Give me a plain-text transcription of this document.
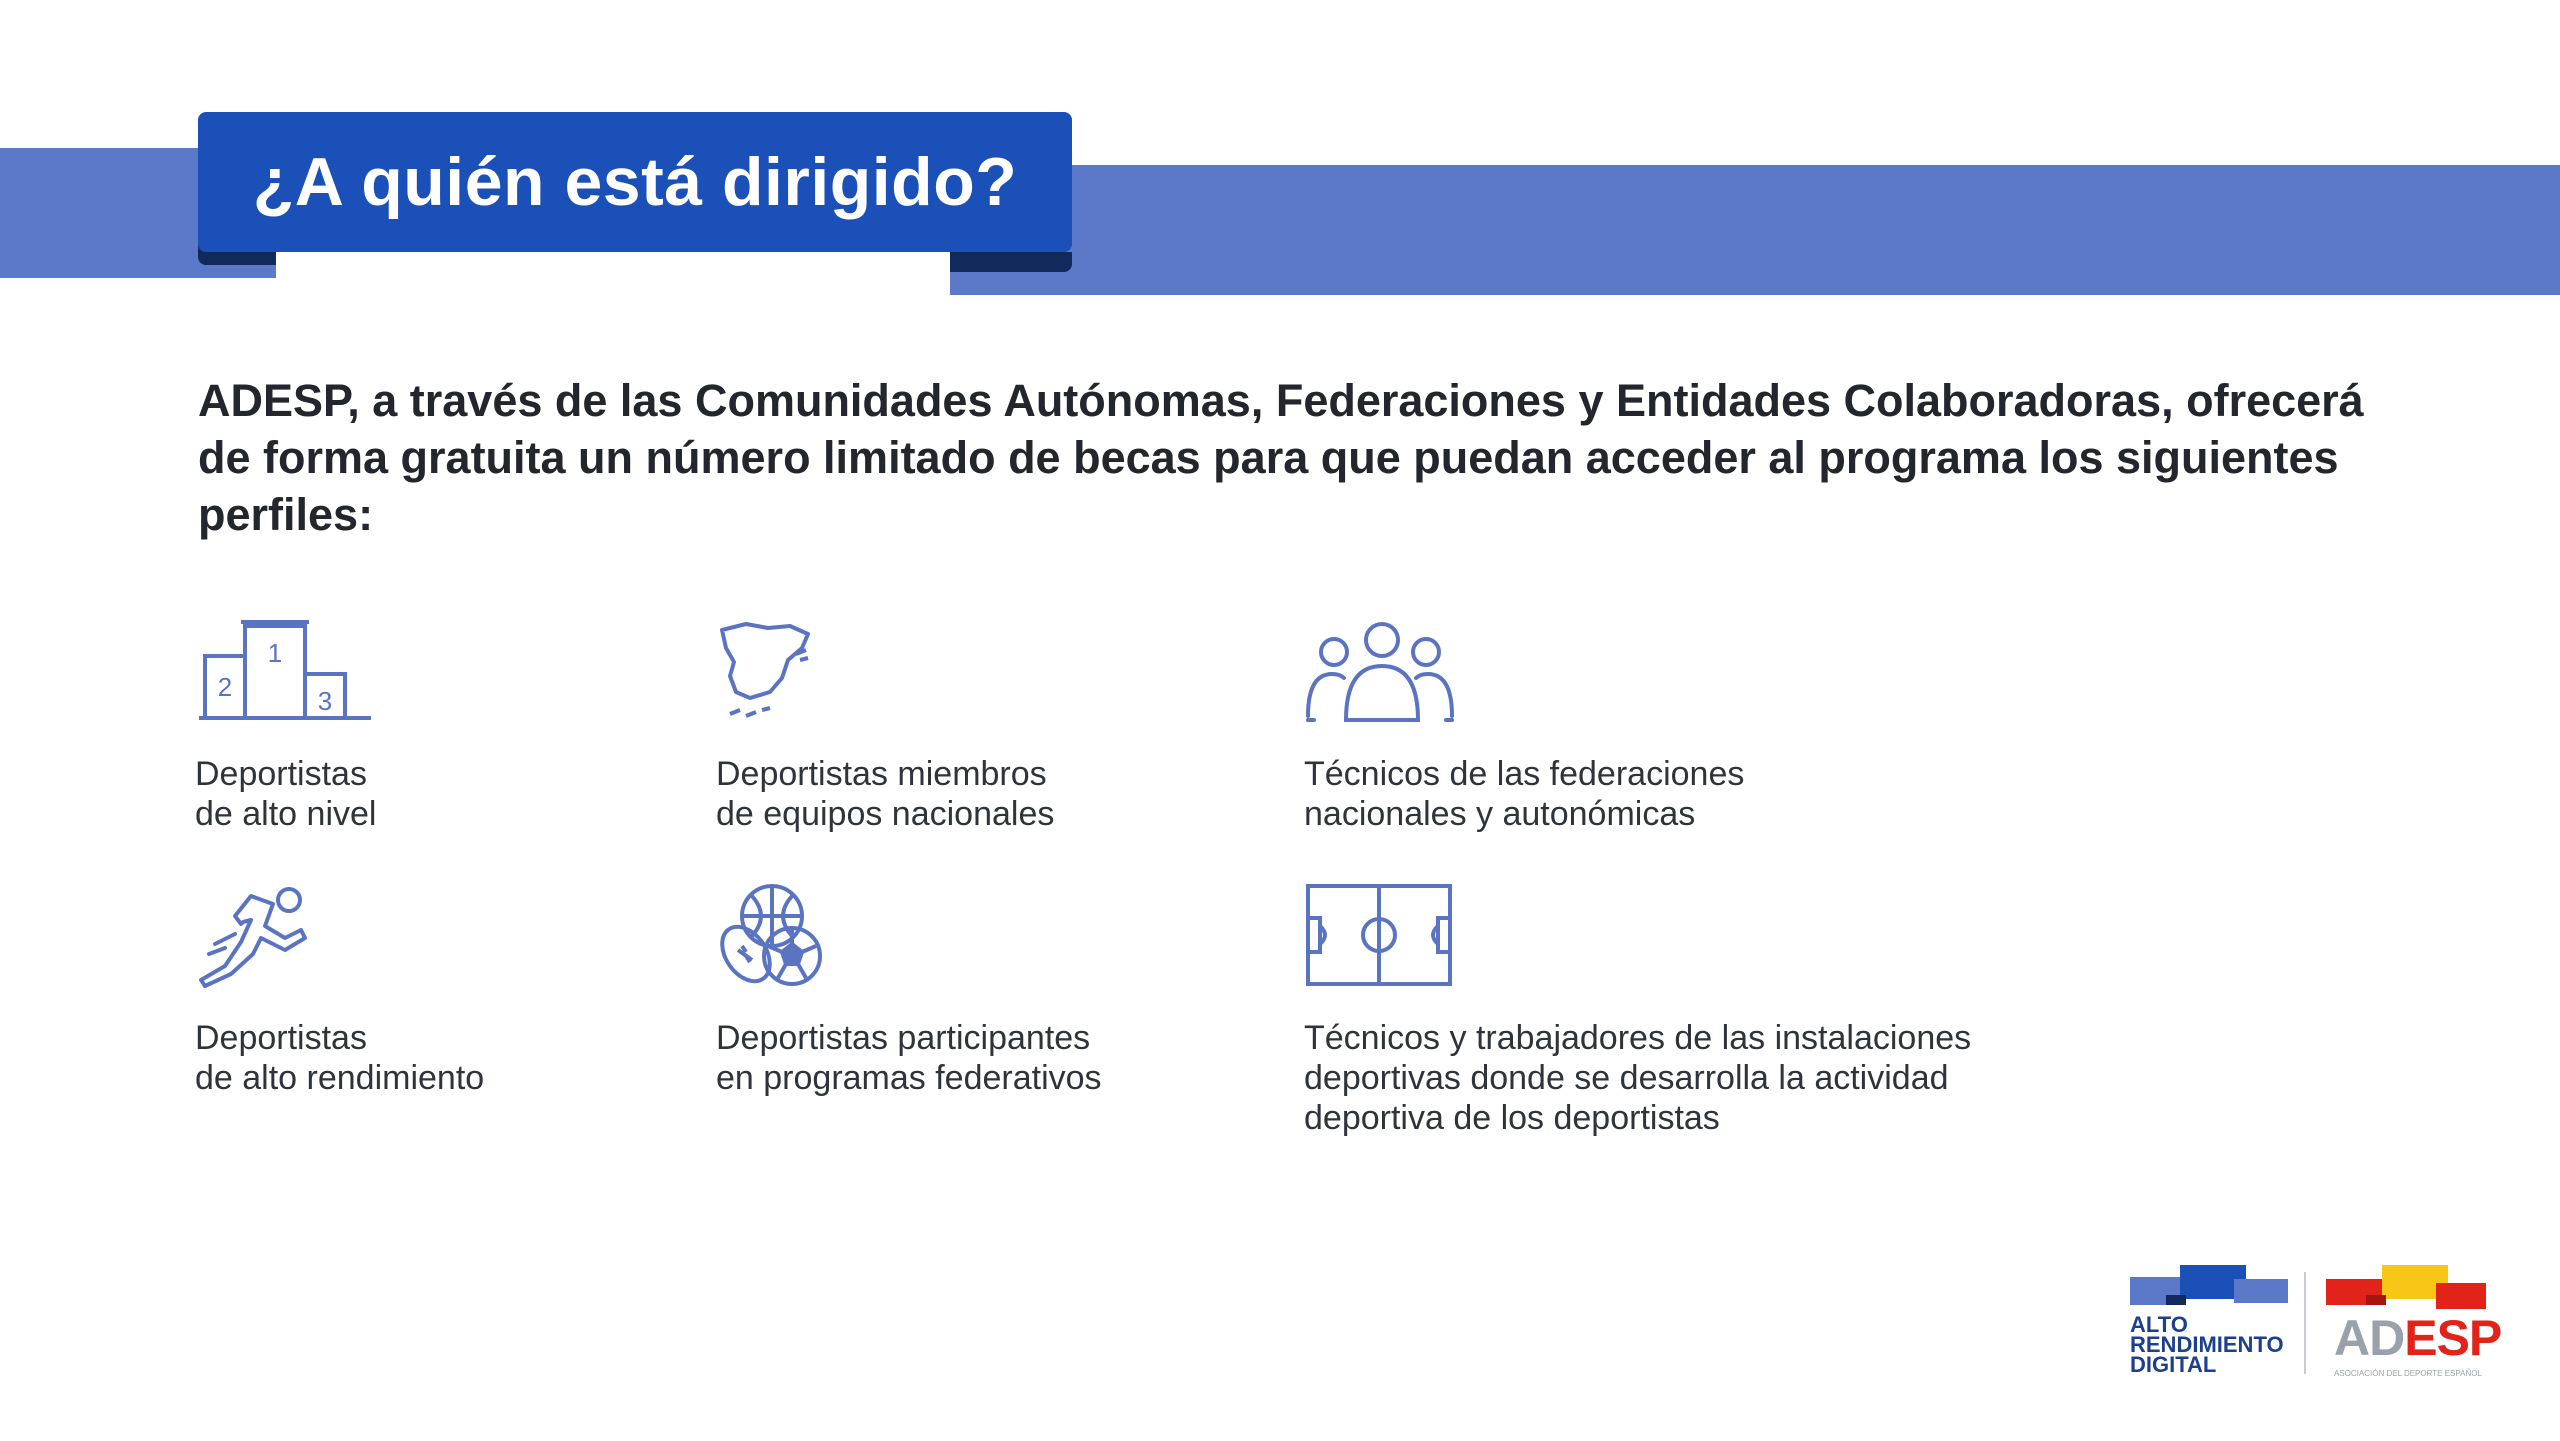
¿A quién está dirigido?

ADESP, a través de las Comunidades Autónomas, Federaciones y Entidades Colaboradoras, ofrecerá de forma gratuita un número limitado de becas para que puedan acceder al programa los siguientes perfiles:

1
2	3
Deportistas
de alto nivel
Deportistas miembros
de equipos nacionales
Técnicos de las federaciones
nacionales y autonómicas
Deportistas
de alto rendimiento
Deportistas participantes
en programas federativos
Técnicos y trabajadores de las instalaciones
deportivas donde se desarrolla la actividad
deportiva de los deportistas
ALTO
RENDIMIENTO
DIGITAL	ADESP
ASOCIACIÓN DEL DEPORTE ESPAÑOL
